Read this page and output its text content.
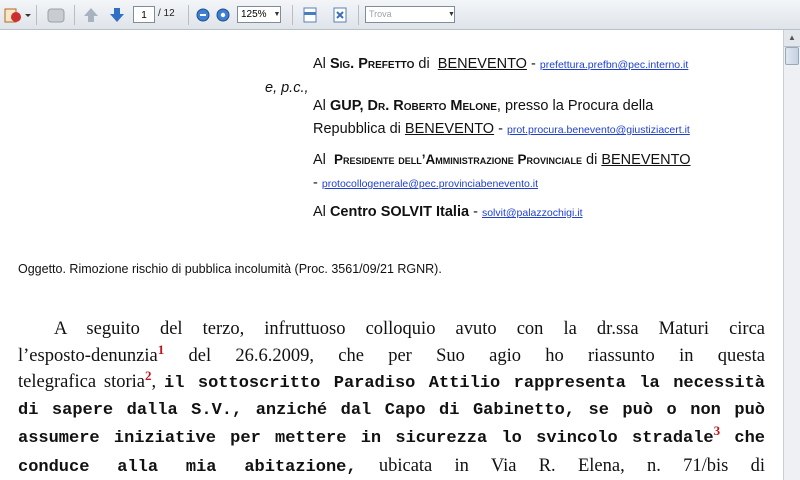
1	/ 12	125% ▼	Trova	▼
Al Sig. Prefetto di BENEVENTO - prefettura.prefbn@pec.interno.it
e, p.c.,
Al GUP, Dr. Roberto Melone, presso la Procura della
Repubblica di BENEVENTO - prot.procura.benevento@giustiziacert.it
Al Presidente dell’Amministrazione Provinciale di BENEVENTO
- protocollogenerale@pec.provinciabenevento.it
Al Centro SOLVIT Italia - solvit@palazzochigi.it
Oggetto. Rimozione rischio di pubblica incolumità (Proc. 3561/09/21 RGNR).
A seguito del terzo, infruttuoso colloquio avuto con la dr.ssa Maturi circa
l’esposto-denunzia$^1$ del 26.6.2009, che per Suo agio ho riassunto in questa
telegrafica storia$^2$, il sottoscritto Paradiso Attilio rappresenta la necessità
di sapere dalla S.V., anziché dal Capo di Gabinetto, se può o non può
assumere iniziative per mettere in sicurezza lo svincolo stradale$^3$ che
conduce alla mia abitazione, ubicata in Via R. Elena, n. 71/bis di
▲
